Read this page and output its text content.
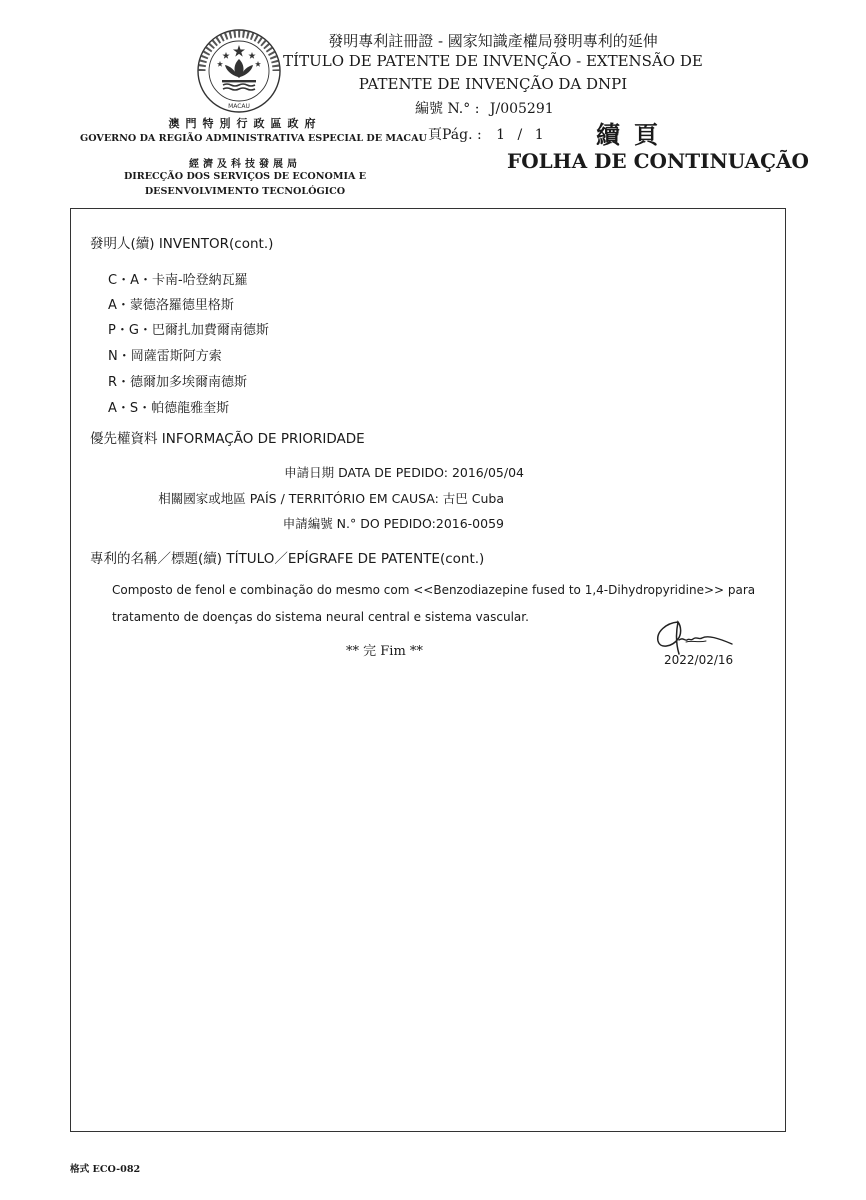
MACAU
澳門特別行政區政府
GOVERNO DA REGIÃO ADMINISTRATIVA ESPECIAL DE MACAU
經濟及科技發展局
DIRECÇÃO DOS SERVIÇOS DE ECONOMIA E
DESENVOLVIMENTO TECNOLÓGICO
發明專利註冊證 - 國家知識產權局發明專利的延伸
TÍTULO DE PATENTE DE INVENÇÃO - EXTENSÃO DE
PATENTE DE INVENÇÃO DA DNPI
編號 N.° : J/005291
頁Pág. : 1 / 1 續頁
FOLHA DE CONTINUAÇÃO
發明人(續) INVENTOR(cont.)
C・A・卡南-哈登納瓦羅
A・蒙德洛羅德里格斯
P・G・巴爾扎加費爾南德斯
N・岡薩雷斯阿方索
R・德爾加多埃爾南德斯
A・S・帕德龍雅奎斯
優先權資料 INFORMAÇÃO DE PRIORIDADE
申請日期 DATA DE PEDIDO: 2016/05/04
相關國家或地區 PAÍS / TERRITÓRIO EM CAUSA: 古巴 Cuba
申請編號 N.° DO PEDIDO:2016-0059
專利的名稱／標題(續) TÍTULO／EPÍGRAFE DE PATENTE(cont.)
Composto de fenol e combinação do mesmo com <<Benzodiazepine fused to 1,4-Dihydropyridine>> para
tratamento de doenças do sistema neural central e sistema vascular.
** 完 Fim **
2022/02/16
格式 ECO-082
